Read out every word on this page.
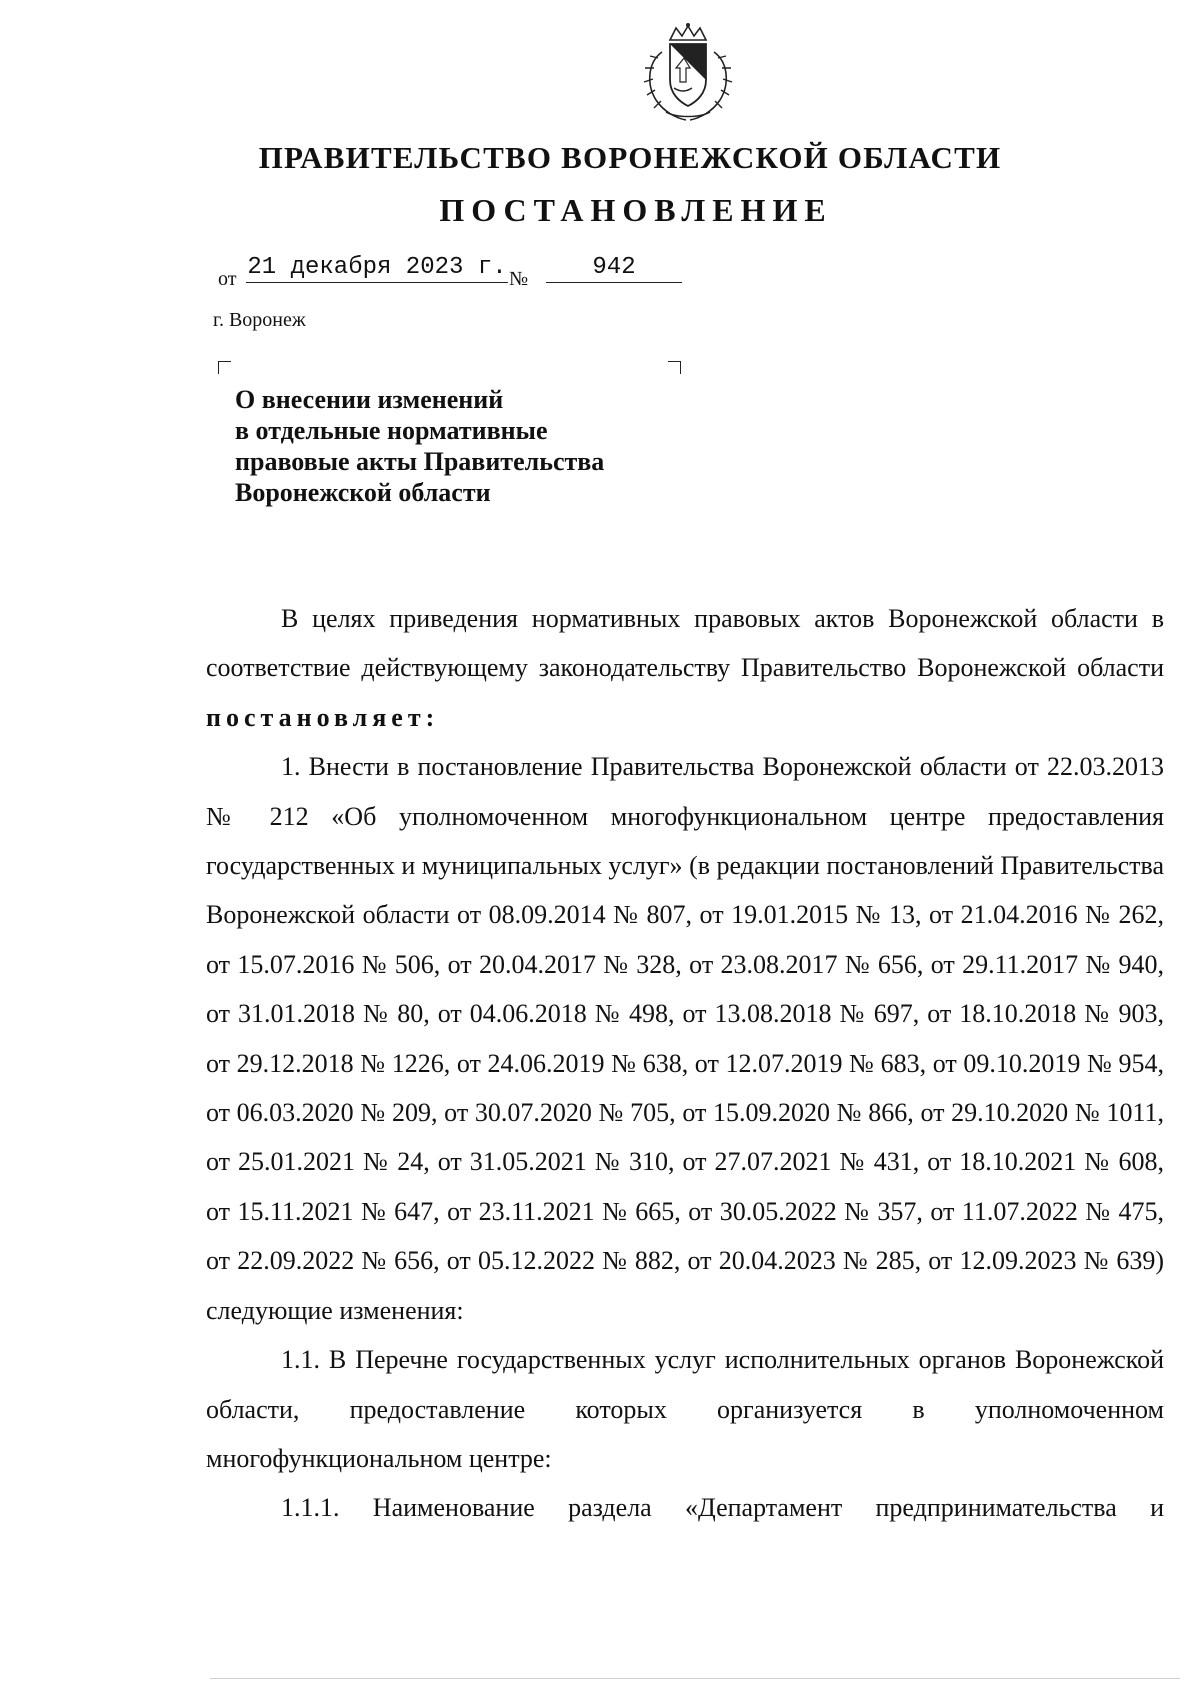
ПРАВИТЕЛЬСТВО ВОРОНЕЖСКОЙ ОБЛАСТИ
ПОСТАНОВЛЕНИЕ
от 21 декабря 2023 г. №	942
г. Воронеж
О внесении изменений
в отдельные нормативные
правовые акты Правительства
Воронежской области

В целях приведения нормативных правовых актов Воронежской области в соответствие действующему законодательству Правительство Воронежской области постановляет:

1. Внести в постановление Правительства Воронежской области от 22.03.2013 № 212 «Об уполномоченном многофункциональном центре предоставления государственных и муниципальных услуг» (в редакции постановлений Правительства Воронежской области от 08.09.2014 № 807, от 19.01.2015 № 13, от 21.04.2016 № 262, от 15.07.2016 № 506, от 20.04.2017 № 328, от 23.08.2017 № 656, от 29.11.2017 № 940, от 31.01.2018 № 80, от 04.06.2018 № 498, от 13.08.2018 № 697, от 18.10.2018 № 903, от 29.12.2018 № 1226, от 24.06.2019 № 638, от 12.07.2019 № 683, от 09.10.2019 № 954, от 06.03.2020 № 209, от 30.07.2020 № 705, от 15.09.2020 № 866, от 29.10.2020 № 1011, от 25.01.2021 № 24, от 31.05.2021 № 310, от 27.07.2021 № 431, от 18.10.2021 № 608, от 15.11.2021 № 647, от 23.11.2021 № 665, от 30.05.2022 № 357, от 11.07.2022 № 475, от 22.09.2022 № 656, от 05.12.2022 № 882, от 20.04.2023 № 285, от 12.09.2023 № 639) следующие изменения:

1.1. В Перечне государственных услуг исполнительных органов Воронежской области, предоставление которых организуется в уполномоченном многофункциональном центре:

1.1.1. Наименование раздела «Департамент предпринимательства и
